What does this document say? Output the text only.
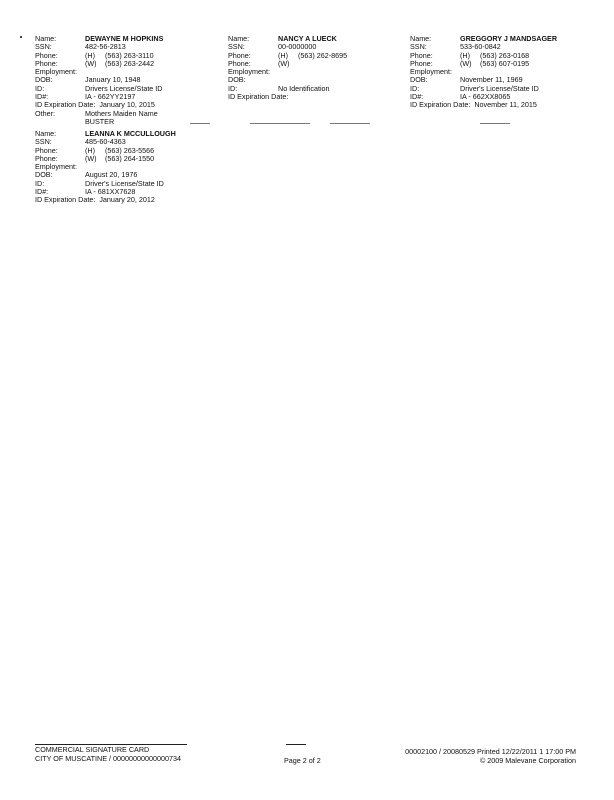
Name:	DEWAYNE M HOPKINS
SSN:	482-56-2813
Phone:	(H)	(563) 263-3110
Phone:	(W)	(563) 263-2442
Employment:
DOB:	January 10, 1948
ID:	Drivers License/State ID
ID#:	IA - 662YY2197
ID Expiration Date: January 10, 2015
Other:	Mothers Maiden Name
BUSTER
Name:	NANCY A LUECK
SSN:	00-0000000
Phone:	(H)	(563) 262-8695
Phone:	(W)
Employment:
DOB:
ID:	No Identification
ID Expiration Date:
Name:	GREGGORY J MANDSAGER
SSN:	533-60-0842
Phone:	(H)	(563) 263-0168
Phone:	(W)	(563) 607-0195
Employment:
DOB:	November 11, 1969
ID:	Driver's License/State ID
ID#:	IA - 662XX8065
ID Expiration Date: November 11, 2015
Name:	LEANNA K MCCULLOUGH
SSN:	485-60-4363
Phone:	(H)	(563) 263-5566
Phone:	(W)	(563) 264-1550
Employment:
DOB:	August 20, 1976
ID:	Driver's License/State ID
ID#:	IA - 681XX7628
ID Expiration Date: January 20, 2012
COMMERCIAL SIGNATURE CARD
CITY OF MUSCATINE / 00000000000000734	Page 2 of 2
00002100 / 20080529 Printed 12/22/2011 1 17:00 PM
© 2009 Malevane Corporation
